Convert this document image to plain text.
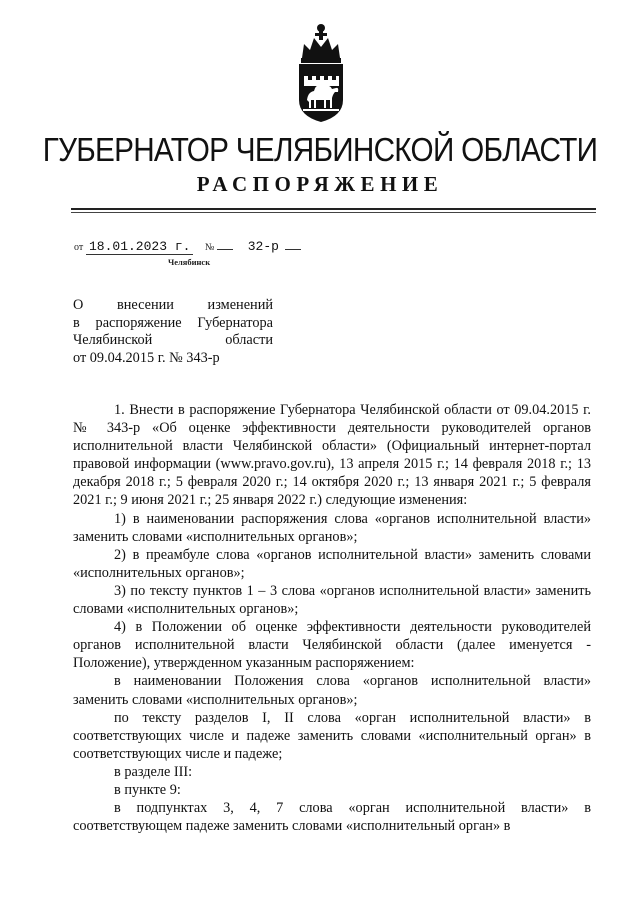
ГУБЕРНАТОР ЧЕЛЯБИНСКОЙ ОБЛАСТИ
РАСПОРЯЖЕНИЕ
от 18.01.2023 г. №	32-р
Челябинск
О внесении изменений
в распоряжение Губернатора
Челябинской области
от 09.04.2015 г. № 343-р

1. Внести в распоряжение Губернатора Челябинской области от 09.04.2015 г. № 343-р «Об оценке эффективности деятельности руководителей органов исполнительной власти Челябинской области» (Официальный интернет-портал правовой информации (www.pravo.gov.ru), 13 апреля 2015 г.; 14 февраля 2018 г.; 13 декабря 2018 г.; 5 февраля 2020 г.; 14 октября 2020 г.; 13 января 2021 г.; 5 февраля 2021 г.; 9 июня 2021 г.; 25 января 2022 г.) следующие изменения:

1) в наименовании распоряжения слова «органов исполнительной власти» заменить словами «исполнительных органов»;

2) в преамбуле слова «органов исполнительной власти» заменить словами «исполнительных органов»;

3) по тексту пунктов 1 – 3 слова «органов исполнительной власти» заменить словами «исполнительных органов»;

4) в Положении об оценке эффективности деятельности руководителей органов исполнительной власти Челябинской области (далее именуется - Положение), утвержденном указанным распоряжением:

в наименовании Положения слова «органов исполнительной власти» заменить словами «исполнительных органов»;

по тексту разделов I, II слова «орган исполнительной власти» в соответствующих числе и падеже заменить словами «исполнительный орган» в соответствующих числе и падеже;

в разделе III:

в пункте 9:

в подпунктах 3, 4, 7 слова «орган исполнительной власти» в соответствующем падеже заменить словами «исполнительный орган» в
